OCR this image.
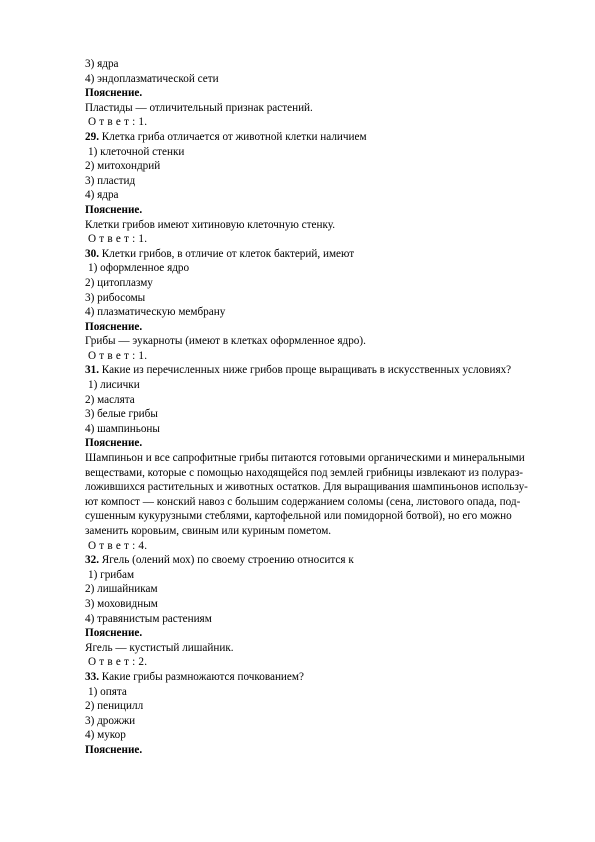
3) ядра

4) эндоплазматической сети

Пояснение.

Пластиды — отличительный признак растений.

О т в е т : 1.

29. Клетка гриба отличается от животной клетки наличием

1) клеточной стенки

2) митохондрий

3) пластид

4) ядра

Пояснение.

Клетки грибов имеют хитиновую клеточную стенку.

О т в е т : 1.

30. Клетки грибов, в отличие от клеток бактерий, имеют

1) оформленное ядро

2) цитоплазму

3) рибосомы

4) плазматическую мембрану

Пояснение.

Грибы — эукарноты (имеют в клетках оформленное ядро).

О т в е т : 1.

31. Какие из перечисленных ниже грибов проще выращивать в искусственных условиях?

1) лисички

2) маслята

3) белые грибы

4) шампиньоны

Пояснение.

Шампиньон и все сапрофитные грибы питаются готовыми органическими и минеральными

веществами, которые с помощью находящейся под землей грибницы извлекают из полураз-

ложившихся растительных и животных остатков. Для выращивания шампиньонов использу-

ют компост — конский навоз с большим содержанием соломы (сена, листового опада, под-

сушенным кукурузными стеблями, картофельной или помидорной ботвой), но его можно

заменить коровьим, свиным или куриным пометом.

О т в е т : 4.

32. Ягель (олений мох) по своему строению относится к

1) грибам

2) лишайникам

3) моховидным

4) травянистым растениям

Пояснение.

Ягель — кустистый лишайник.

О т в е т : 2.

33. Какие грибы размножаются почкованием?

1) опята

2) пеницилл

3) дрожжи

4) мукор

Пояснение.
